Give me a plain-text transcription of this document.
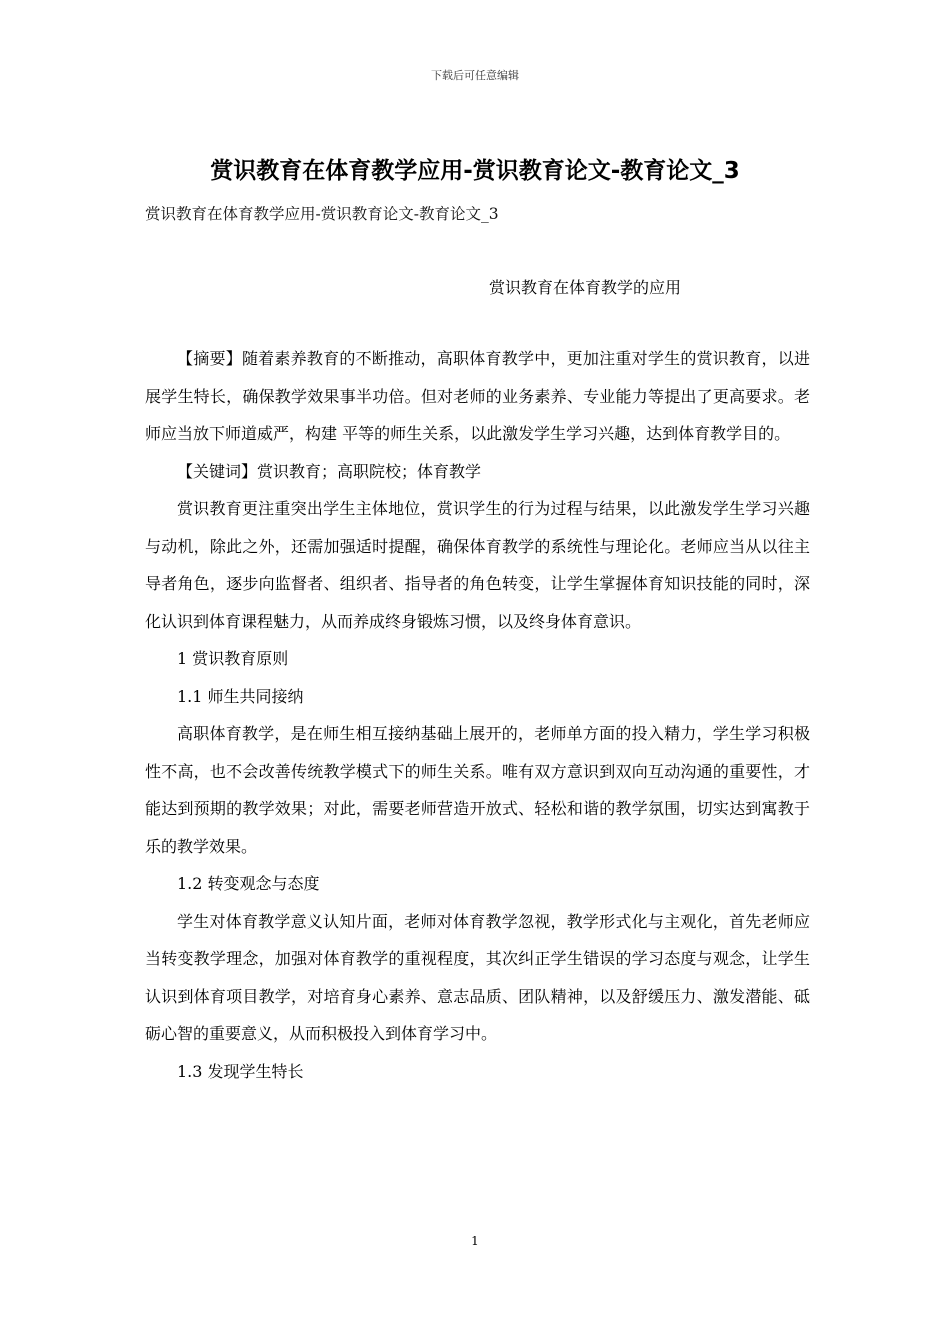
下载后可任意编辑
赏识教育在体育教学应用-赏识教育论文-教育论文_3
赏识教育在体育教学应用-赏识教育论文-教育论文_3
赏识教育在体育教学的应用

【摘要】随着素养教育的不断推动，高职体育教学中，更加注重对学生的赏识教育，以进展学生特长，确保教学效果事半功倍。但对老师的业务素养、专业能力等提出了更高要求。老师应当放下师道威严，构建 平等的师生关系，以此激发学生学习兴趣，达到体育教学目的。

【关键词】赏识教育；高职院校；体育教学

赏识教育更注重突出学生主体地位，赏识学生的行为过程与结果，以此激发学生学习兴趣与动机，除此之外，还需加强适时提醒，确保体育教学的系统性与理论化。老师应当从以往主导者角色，逐步向监督者、组织者、指导者的角色转变，让学生掌握体育知识技能的同时，深化认识到体育课程魅力，从而养成终身锻炼习惯，以及终身体育意识。

1 赏识教育原则

1.1 师生共同接纳

高职体育教学，是在师生相互接纳基础上展开的，老师单方面的投入精力，学生学习积极性不高，也不会改善传统教学模式下的师生关系。唯有双方意识到双向互动沟通的重要性，才能达到预期的教学效果；对此，需要老师营造开放式、轻松和谐的教学氛围，切实达到寓教于乐的教学效果。

1.2 转变观念与态度

学生对体育教学意义认知片面，老师对体育教学忽视，教学形式化与主观化，首先老师应当转变教学理念，加强对体育教学的重视程度，其次纠正学生错误的学习态度与观念，让学生认识到体育项目教学，对培育身心素养、意志品质、团队精神，以及舒缓压力、激发潜能、砥砺心智的重要意义，从而积极投入到体育学习中。

1.3 发现学生特长

1
